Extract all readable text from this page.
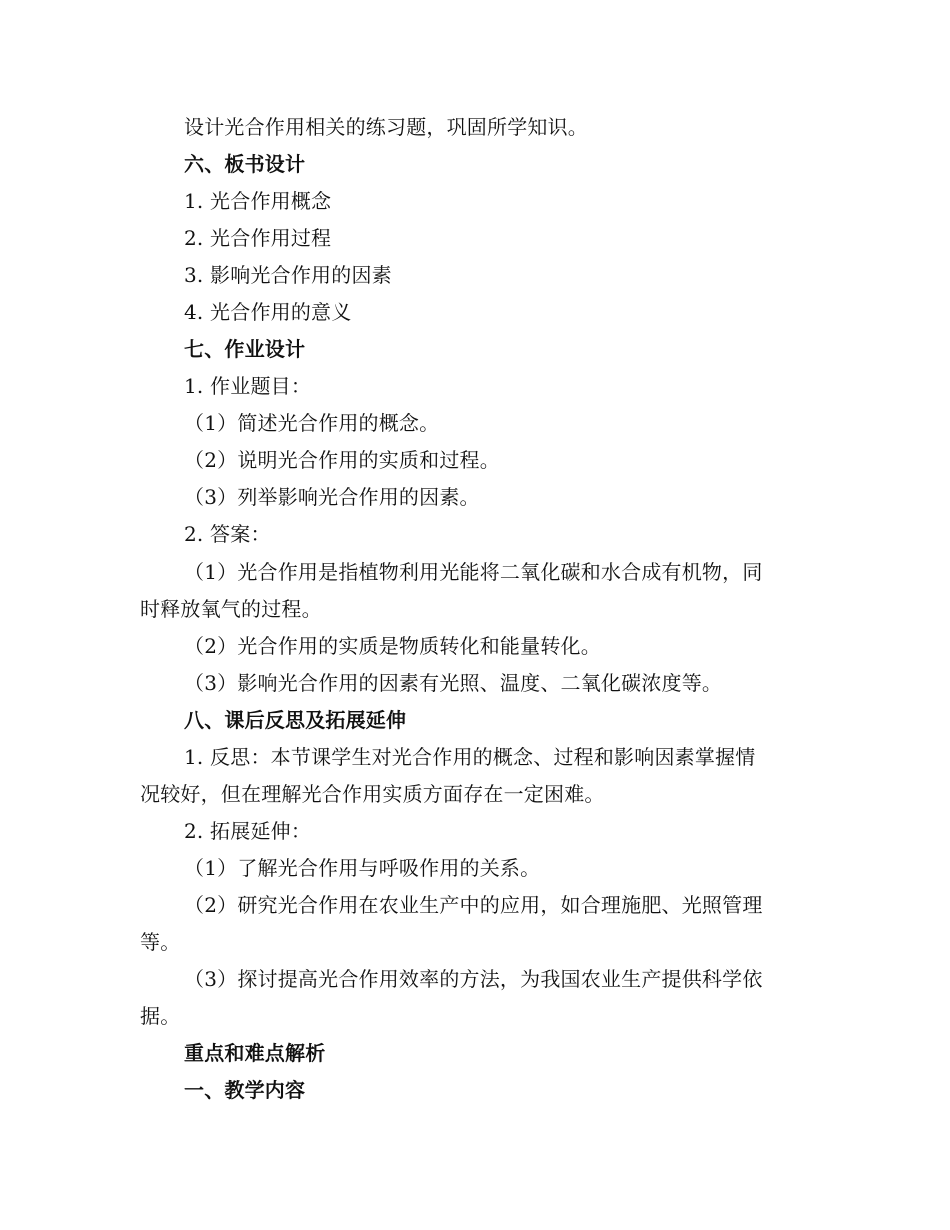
设计光合作用相关的练习题，巩固所学知识。
六、板书设计
1. 光合作用概念
2. 光合作用过程
3. 影响光合作用的因素
4. 光合作用的意义
七、作业设计
1. 作业题目：
（1）简述光合作用的概念。
（2）说明光合作用的实质和过程。
（3）列举影响光合作用的因素。
2. 答案：
（1）光合作用是指植物利用光能将二氧化碳和水合成有机物，同
时释放氧气的过程。
（2）光合作用的实质是物质转化和能量转化。
（3）影响光合作用的因素有光照、温度、二氧化碳浓度等。
八、课后反思及拓展延伸
1. 反思：本节课学生对光合作用的概念、过程和影响因素掌握情
况较好，但在理解光合作用实质方面存在一定困难。
2. 拓展延伸：
（1）了解光合作用与呼吸作用的关系。
（2）研究光合作用在农业生产中的应用，如合理施肥、光照管理
等。
（3）探讨提高光合作用效率的方法，为我国农业生产提供科学依
据。
重点和难点解析
一、教学内容
